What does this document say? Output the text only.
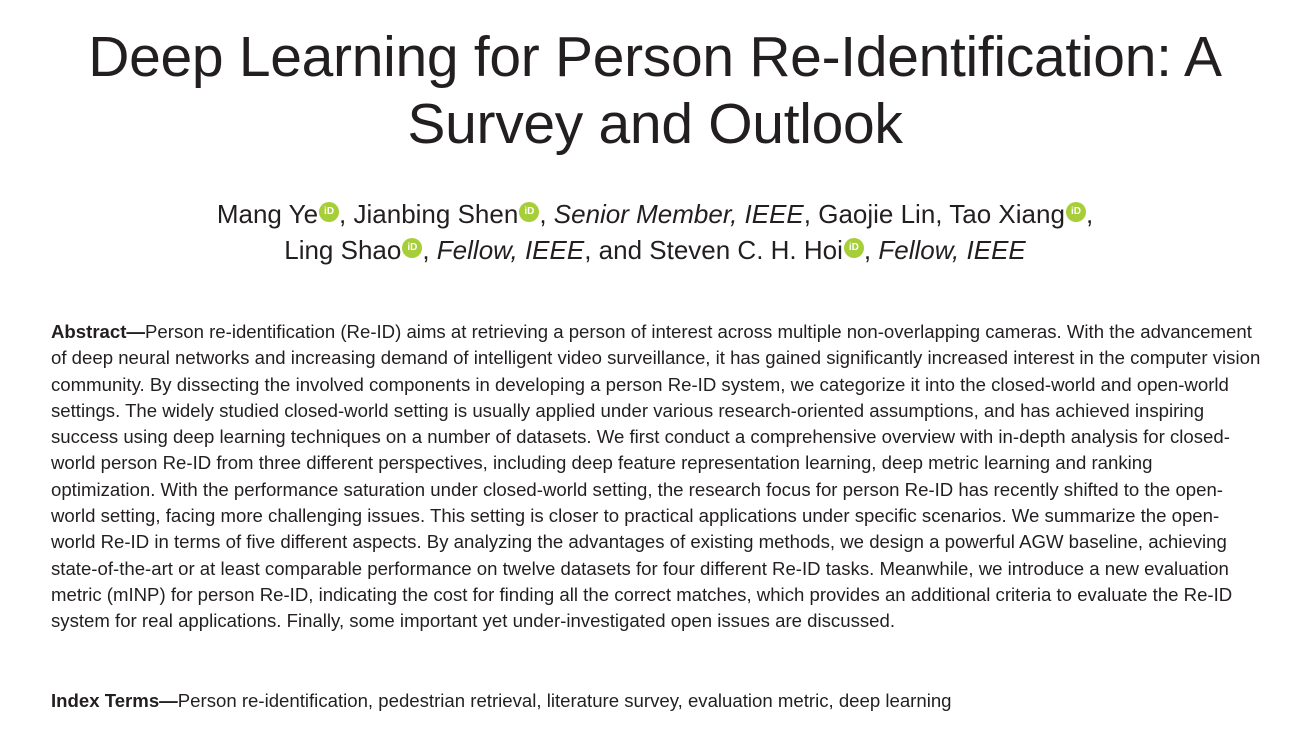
Deep Learning for Person Re-Identification: A Survey and Outlook
Mang Ye iD , Jianbing Shen iD , Senior Member, IEEE, Gaojie Lin, Tao Xiang iD ,
Ling Shao iD , Fellow, IEEE, and Steven C. H. Hoi iD , Fellow, IEEE

Abstract—Person re-identification (Re-ID) aims at retrieving a person of interest across multiple non-overlapping cameras. With the advancement of deep neural networks and increasing demand of intelligent video surveillance, it has gained significantly increased interest in the computer vision community. By dissecting the involved components in developing a person Re-ID system, we categorize it into the closed-world and open-world settings. The widely studied closed-world setting is usually applied under various research-oriented assumptions, and has achieved inspiring success using deep learning techniques on a number of datasets. We first conduct a comprehensive overview with in-depth analysis for closed-world person Re-ID from three different perspectives, including deep feature representation learning, deep metric learning and ranking optimization. With the performance saturation under closed-world setting, the research focus for person Re-ID has recently shifted to the open-world setting, facing more challenging issues. This setting is closer to practical applications under specific scenarios. We summarize the open-world Re-ID in terms of five different aspects. By analyzing the advantages of existing methods, we design a powerful AGW baseline, achieving state-of-the-art or at least comparable performance on twelve datasets for four different Re-ID tasks. Meanwhile, we introduce a new evaluation metric (mINP) for person Re-ID, indicating the cost for finding all the correct matches, which provides an additional criteria to evaluate the Re-ID system for real applications. Finally, some important yet under-investigated open issues are discussed.

Index Terms—Person re-identification, pedestrian retrieval, literature survey, evaluation metric, deep learning
